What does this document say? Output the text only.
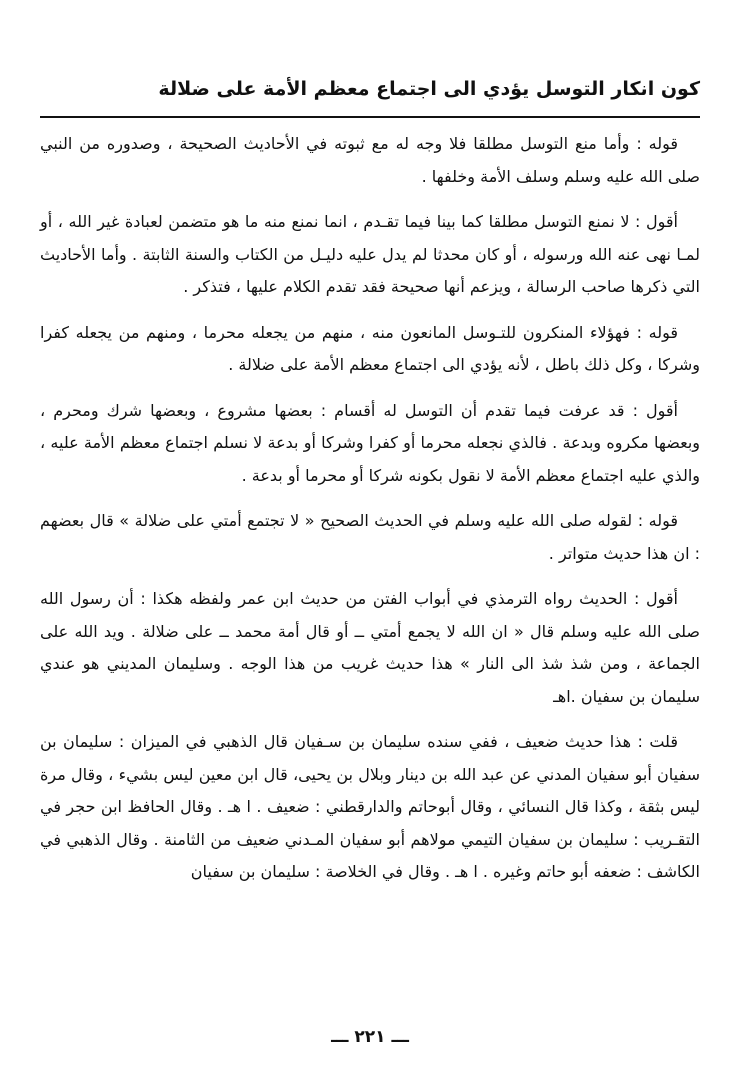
كون انكار التوسل يؤدي الى اجتماع معظم الأمة على ضلالة

قوله : وأما منع التوسل مطلقا فلا وجه له مع ثبوته في الأحاديث الصحيحة ، وصدوره من النبي صلى الله عليه وسلم وسلف الأمة وخلفها .

أقول : لا نمنع التوسل مطلقا كما بينا فيما تقـدم ، انما نمنع منه ما هو متضمن لعبادة غير الله ، أو لمـا نهى عنه الله ورسوله ، أو كان محدثا لم يدل عليه دليـل من الكتاب والسنة الثابتة . وأما الأحاديث التي ذكرها صاحب الرسالة ، ويزعم أنها صحيحة فقد تقدم الكلام عليها ، فتذكر .

قوله : فهؤلاء المنكرون للتـوسل المانعون منه ، منهم من يجعله محرما ، ومنهم من يجعله كفرا وشركا ، وكل ذلك باطل ، لأنه يؤدي الى اجتماع معظم الأمة على ضلالة .

أقول : قد عرفت فيما تقدم أن التوسل له أقسام : بعضها مشروع ، وبعضها شرك ومحرم ، وبعضها مكروه وبدعة . فالذي نجعله محرما أو كفرا وشركا أو بدعة لا نسلم اجتماع معظم الأمة عليه ، والذي عليه اجتماع معظم الأمة لا نقول بكونه شركا أو محرما أو بدعة .

قوله : لقوله صلى الله عليه وسلم في الحديث الصحيح « لا تجتمع أمتي على ضلالة » قال بعضهم : ان هذا حديث متواتر .

أقول : الحديث رواه الترمذي في أبواب الفتن من حديث ابن عمر ولفظه هكذا : أن رسول الله صلى الله عليه وسلم قال « ان الله لا يجمع أمتي ــ أو قال أمة محمد ــ على ضلالة . ويد الله على الجماعة ، ومن شذ شذ الى النار » هذا حديث غريب من هذا الوجه . وسليمان المديني هو عندي سليمان بن سفيان .اهـ

قلت : هذا حديث ضعيف ، ففي سنده سليمان بن سـفيان قال الذهبي في الميزان : سليمان بن سفيان أبو سفيان المدني عن عبد الله بن دينار وبلال بن يحيى، قال ابن معين ليس بشيء ، وقال مرة ليس بثقة ، وكذا قال النسائي ، وقال أبوحاتم والدارقطني : ضعيف . ا هـ . وقال الحافظ ابن حجر في التقـريب : سليمان بن سفيان التيمي مولاهم أبو سفيان المـدني ضعيف من الثامنة . وقال الذهبي في الكاشف : ضعفه أبو حاتم وغيره . ا هـ . وقال في الخلاصة : سليمان بن سفيان

ـــ ٢٢١ ـــ
